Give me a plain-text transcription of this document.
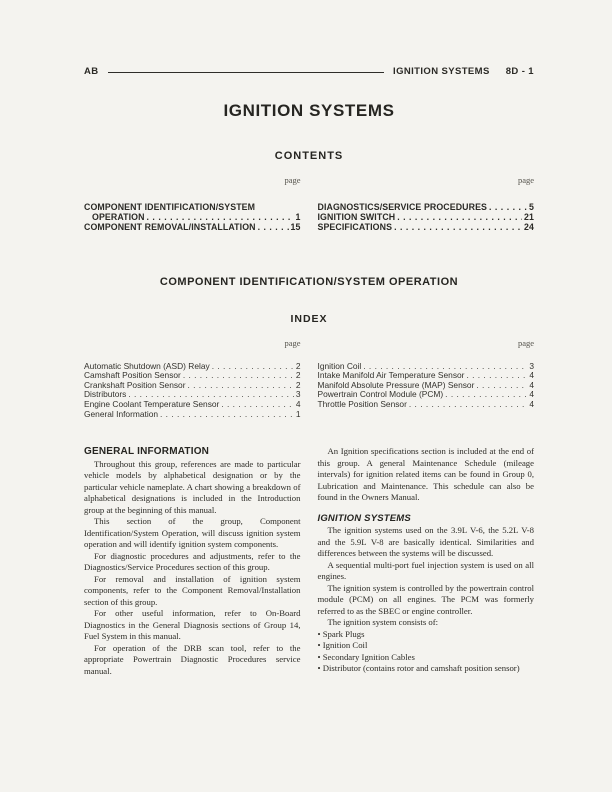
AB	IGNITION SYSTEMS 8D - 1
IGNITION SYSTEMS
CONTENTS
page	page
COMPONENT IDENTIFICATION/SYSTEM
OPERATION . . .	1
COMPONENT REMOVAL/INSTALLATION . . .	15
DIAGNOSTICS/SERVICE PROCEDURES . . .	5
IGNITION SWITCH . . .	21
SPECIFICATIONS . . .	24
COMPONENT IDENTIFICATION/SYSTEM OPERATION
INDEX
page	page
Automatic Shutdown (ASD) Relay . . .	2
Camshaft Position Sensor . . .	2
Crankshaft Position Sensor . . .	2
Distributors . . .	3
Engine Coolant Temperature Sensor . . .	4
General Information . . .	1
Ignition Coil . . .	3
Intake Manifold Air Temperature Sensor . . .	4
Manifold Absolute Pressure (MAP) Sensor . . .	4
Powertrain Control Module (PCM) . . .	4
Throttle Position Sensor . . .	4
GENERAL INFORMATION

Throughout this group, references are made to particular vehicle models by alphabetical designation or by the particular vehicle nameplate. A chart showing a breakdown of alphabetical designations is included in the Introduction group at the beginning of this manual.

This section of the group, Component Identification/System Operation, will discuss ignition system operation and will identify ignition system components.

For diagnostic procedures and adjustments, refer to the Diagnostics/Service Procedures section of this group.

For removal and installation of ignition system components, refer to the Component Removal/Installation section of this group.

For other useful information, refer to On-Board Diagnostics in the General Diagnosis sections of Group 14, Fuel System in this manual.

For operation of the DRB scan tool, refer to the appropriate Powertrain Diagnostic Procedures service manual.

An Ignition specifications section is included at the end of this group. A general Maintenance Schedule (mileage intervals) for ignition related items can be found in Group 0, Lubrication and Maintenance. This schedule can also be found in the Owners Manual.

IGNITION SYSTEMS

The ignition systems used on the 3.9L V-6, the 5.2L V-8 and the 5.9L V-8 are basically identical. Similarities and differences between the systems will be discussed.

A sequential multi-port fuel injection system is used on all engines.

The ignition system is controlled by the powertrain control module (PCM) on all engines. The PCM was formerly referred to as the SBEC or engine controller.

The ignition system consists of:

• Spark Plugs
• Ignition Coil
• Secondary Ignition Cables
• Distributor (contains rotor and camshaft position sensor)
